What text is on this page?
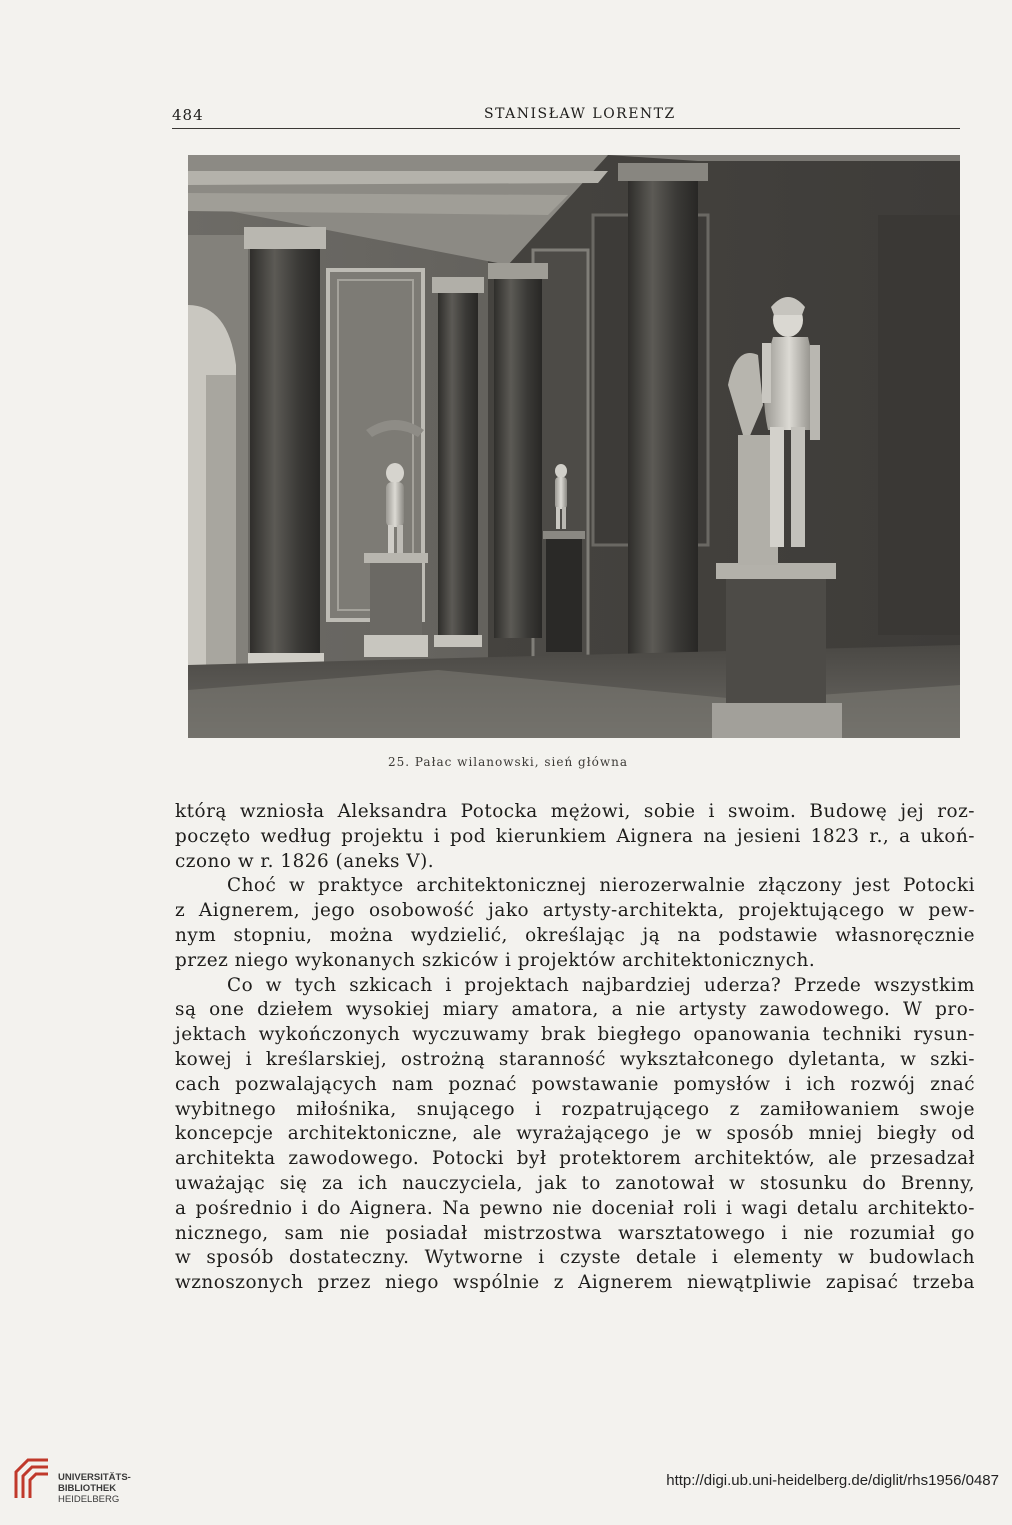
484	STANISŁAW LORENTZ
25. Pałac wilanowski, sień główna

którą wzniosła Aleksandra Potocka mężowi, sobie i swoim. Budowę jej roz-

poczęto według projektu i pod kierunkiem Aignera na jesieni 1823 r., a ukoń-

czono w r. 1826 (aneks V).

Choć w praktyce architektonicznej nierozerwalnie złączony jest Potocki

z Aignerem, jego osobowość jako artysty-architekta, projektującego w pew-

nym stopniu, można wydzielić, określając ją na podstawie własnoręcznie

przez niego wykonanych szkiców i projektów architektonicznych.

Co w tych szkicach i projektach najbardziej uderza? Przede wszystkim

są one dziełem wysokiej miary amatora, a nie artysty zawodowego. W pro-

jektach wykończonych wyczuwamy brak biegłego opanowania techniki rysun-

kowej i kreślarskiej, ostrożną staranność wykształconego dyletanta, w szki-

cach pozwalających nam poznać powstawanie pomysłów i ich rozwój znać

wybitnego miłośnika, snującego i rozpatrującego z zamiłowaniem swoje

koncepcje architektoniczne, ale wyrażającego je w sposób mniej biegły od

architekta zawodowego. Potocki był protektorem architektów, ale przesadzał

uważając się za ich nauczyciela, jak to zanotował w stosunku do Brenny,

a pośrednio i do Aignera. Na pewno nie doceniał roli i wagi detalu architekto-

nicznego, sam nie posiadał mistrzostwa warsztatowego i nie rozumiał go

w sposób dostateczny. Wytworne i czyste detale i elementy w budowlach

wznoszonych przez niego wspólnie z Aignerem niewątpliwie zapisać trzeba

UNIVERSITÄTS-
BIBLIOTHEK
HEIDELBERG
http://digi.ub.uni-heidelberg.de/diglit/rhs1956/0487
